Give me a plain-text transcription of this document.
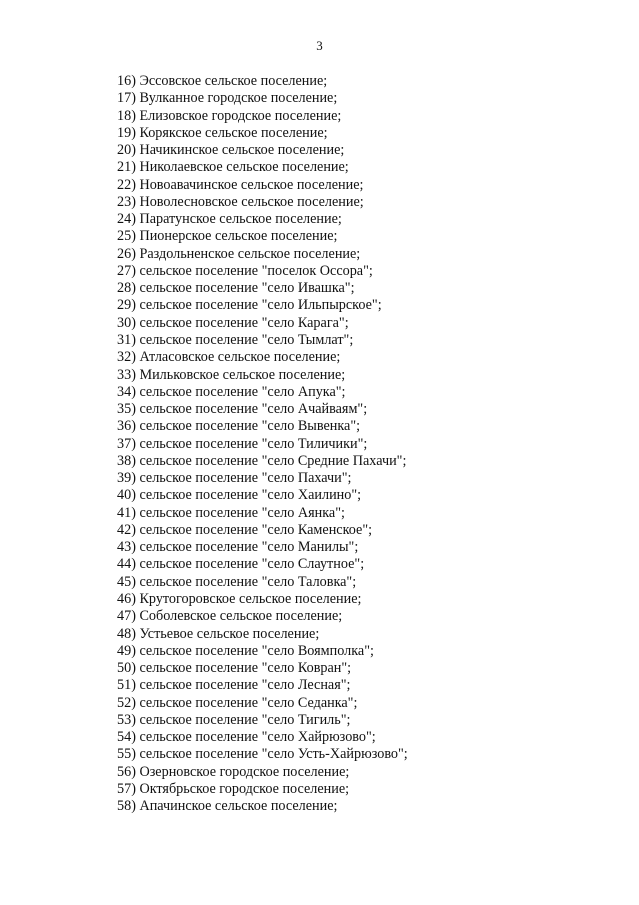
3
16) Эссовское сельское поселение;
17) Вулканное городское поселение;
18) Елизовское городское поселение;
19) Корякское сельское поселение;
20) Начикинское сельское поселение;
21) Николаевское сельское поселение;
22) Новоавачинское сельское поселение;
23) Новолесновское сельское поселение;
24) Паратунское сельское поселение;
25) Пионерское сельское поселение;
26) Раздольненское сельское поселение;
27) сельское поселение "поселок Оссора";
28) сельское поселение "село Ивашка";
29) сельское поселение "село Ильпырское";
30) сельское поселение "село Карага";
31) сельское поселение "село Тымлат";
32) Атласовское сельское поселение;
33) Мильковское сельское поселение;
34) сельское поселение "село Апука";
35) сельское поселение "село Ачайваям";
36) сельское поселение "село Вывенка";
37) сельское поселение "село Тиличики";
38) сельское поселение "село Средние Пахачи";
39) сельское поселение "село Пахачи";
40) сельское поселение "село Хаилино";
41) сельское поселение "село Аянка";
42) сельское поселение "село Каменское";
43) сельское поселение "село Манилы";
44) сельское поселение "село Слаутное";
45) сельское поселение "село Таловка";
46) Крутогоровское сельское поселение;
47) Соболевское сельское поселение;
48) Устьевое сельское поселение;
49) сельское поселение "село Воямполка";
50) сельское поселение "село Ковран";
51) сельское поселение "село Лесная";
52) сельское поселение "село Седанка";
53) сельское поселение "село Тигиль";
54) сельское поселение "село Хайрюзово";
55) сельское поселение "село Усть-Хайрюзово";
56) Озерновское городское поселение;
57) Октябрьское городское поселение;
58) Апачинское сельское поселение;
